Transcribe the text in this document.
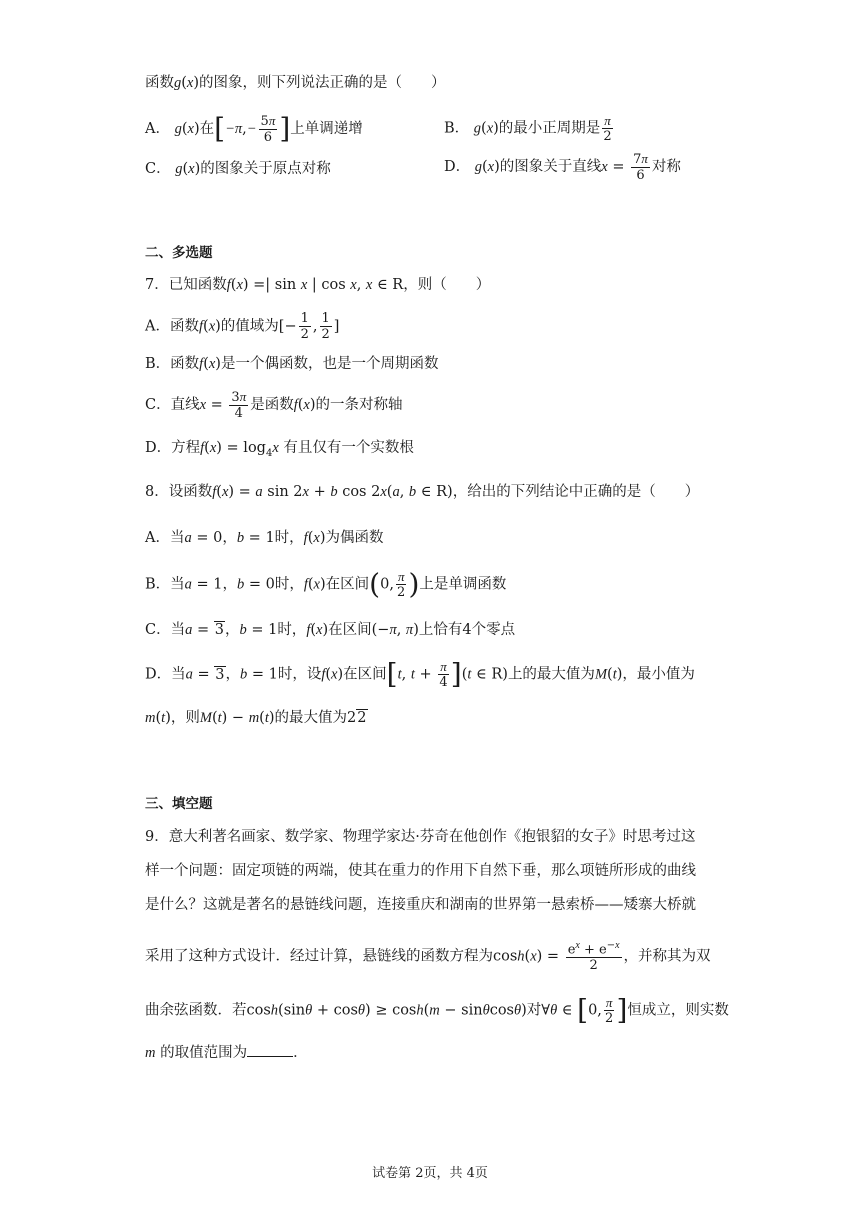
函数g(x)的图象，则下列说法正确的是（　　）
A． g(x)在[$-\pi,- \frac{5\pi}{6}$ ]上单调递增	B． g(x)的最小正周期是 $\frac{\pi}{2}$
C． g(x)的图象关于原点对称	D． g(x)的图象关于直线$x = \frac{7\pi}{6}$ 对称
二、多选题
7．已知函数f(x) =| sin x | cos x, x ∈ R，则（　　）
A．函数f(x)的值域为[− $\frac{1}{2}$ , $\frac{1}{2}$ ]
B．函数f(x)是一个偶函数，也是一个周期函数
C．直线$x = \frac{3\pi}{4}$ 是函数f(x)的一条对称轴
D．方程$f(x) = \log_4x$ 有且仅有一个实数根
8．设函数f(x) = a sin 2x + b cos 2x(a, b ∈ R)，给出的下列结论中正确的是（　　）
A．当a = 0，b = 1时，f(x)为偶函数
B．当a = 1，b = 0时，f(x)在区间(0, $\frac{\pi}{2}$ )上是单调函数
C．当a = 3，b = 1时，f(x)在区间(−π, π)上恰有4个零点
D．当a = 3，b = 1时，设f(x)在区间[t, $t + \frac{\pi}{4} ](t$ ∈ R)上的最大值为M(t)，最小值为
m(t)，则M(t) − m(t)的最大值为22
三、填空题
9．意大利著名画家、数学家、物理学家达·芬奇在他创作《抱银貂的女子》时思考过这
样一个问题：固定项链的两端，使其在重力的作用下自然下垂，那么项链所形成的曲线
是什么？这就是著名的悬链线问题，连接重庆和湖南的世界第一悬索桥——矮寨大桥就
采用了这种方式设计．经过计算，悬链线的函数方程为$\cosh(x) = \frac{e^x + e^{-x}}{2}$ ，并称其为双
曲余弦函数．若cosh(sinθ + cosθ) ≥ cosh(m − sinθcosθ)对∀θ ∈ [0, $\frac{\pi}{2}$ ]恒成立，则实数
m 的取值范围为	．
试卷第 2页，共 4页
